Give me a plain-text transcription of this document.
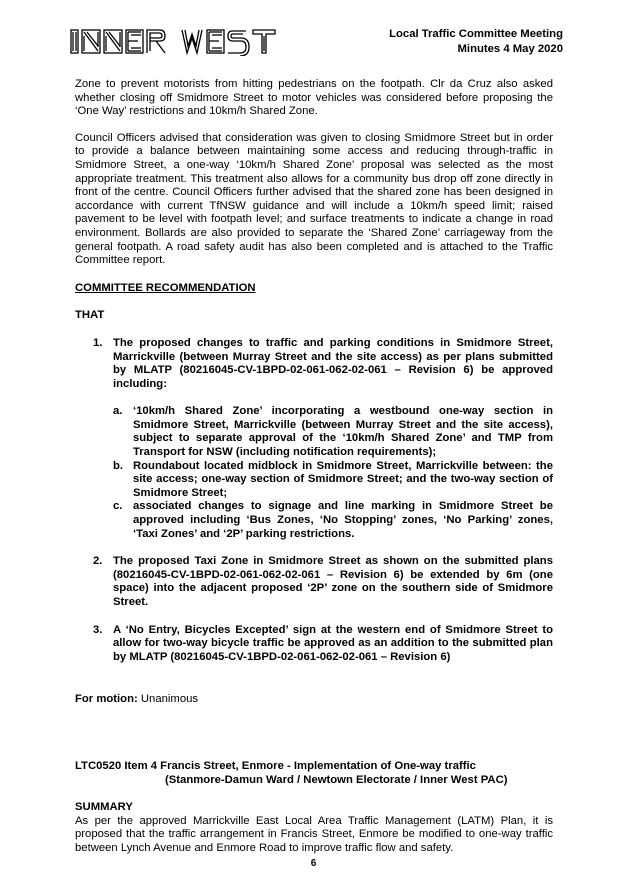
Local Traffic Committee Meeting
Minutes 4 May 2020

Zone to prevent motorists from hitting pedestrians on the footpath. Clr da Cruz also asked whether closing off Smidmore Street to motor vehicles was considered before proposing the ‘One Way’ restrictions and 10km/h Shared Zone.

Council Officers advised that consideration was given to closing Smidmore Street but in order to provide a balance between maintaining some access and reducing through-traffic in Smidmore Street, a one-way ‘10km/h Shared Zone’ proposal was selected as the most appropriate treatment. This treatment also allows for a community bus drop off zone directly in front of the centre. Council Officers further advised that the shared zone has been designed in accordance with current TfNSW guidance and will include a 10km/h speed limit; raised pavement to be level with footpath level; and surface treatments to indicate a change in road environment. Bollards are also provided to separate the ‘Shared Zone’ carriageway from the general footpath. A road safety audit has also been completed and is attached to the Traffic Committee report.

COMMITTEE RECOMMENDATION
THAT
1. The proposed changes to traffic and parking conditions in Smidmore Street, Marrickville (between Murray Street and the site access) as per plans submitted by MLATP (80216045-CV-1BPD-02-061-062-02-061 – Revision 6) be approved including:
a. ‘10km/h Shared Zone’ incorporating a westbound one-way section in Smidmore Street, Marrickville (between Murray Street and the site access), subject to separate approval of the ‘10km/h Shared Zone’ and TMP from Transport for NSW (including notification requirements);
b. Roundabout located midblock in Smidmore Street, Marrickville between: the site access; one-way section of Smidmore Street; and the two-way section of Smidmore Street;
c. associated changes to signage and line marking in Smidmore Street be approved including ‘Bus Zones, ‘No Stopping’ zones, ‘No Parking’ zones, ‘Taxi Zones’ and ‘2P’ parking restrictions.
2. The proposed Taxi Zone in Smidmore Street as shown on the submitted plans (80216045-CV-1BPD-02-061-062-02-061 – Revision 6) be extended by 6m (one space) into the adjacent proposed ‘2P’ zone on the southern side of Smidmore Street.
3. A ‘No Entry, Bicycles Excepted’ sign at the western end of Smidmore Street to allow for two-way bicycle traffic be approved as an addition to the submitted plan by MLATP (80216045-CV-1BPD-02-061-062-02-061 – Revision 6)
For motion: Unanimous
LTC0520 Item 4 Francis Street, Enmore - Implementation of One-way traffic
(Stanmore-Damun Ward / Newtown Electorate / Inner West PAC)
SUMMARY

As per the approved Marrickville East Local Area Traffic Management (LATM) Plan, it is proposed that the traffic arrangement in Francis Street, Enmore be modified to one-way traffic between Lynch Avenue and Enmore Road to improve traffic flow and safety.

6
